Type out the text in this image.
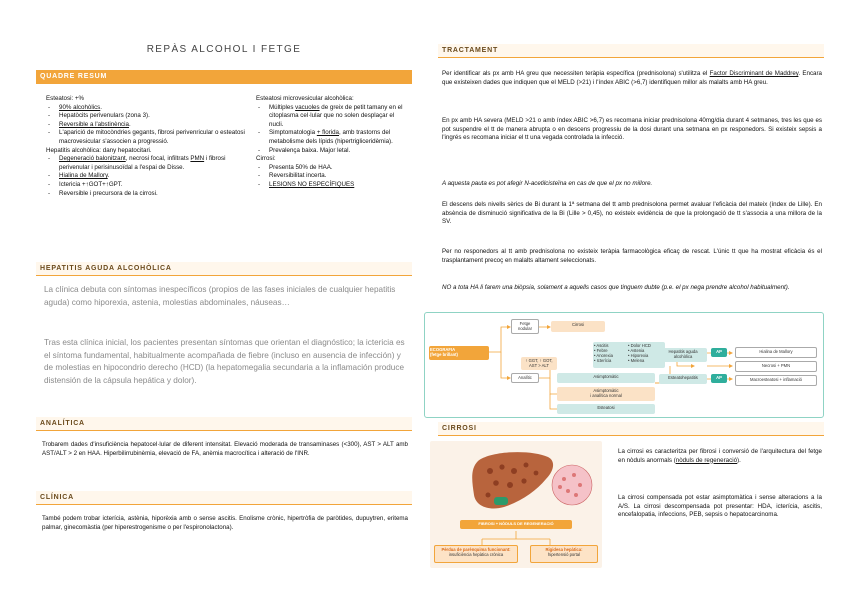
REPÀS ALCOHOL I FETGE
QUADRE RESUM
Esteatosi: +%
- 90% alcohòlics.
- Hepatòcits perivenulars (zona 3).
- Reversible a l'abstinència.
- L'aparició de mitocòndries gegants, fibrosi perivenricular o esteatosi macrovesicular s'associen a progressió.
Hepatitis alcohòlica: dany hepatocitari.
- Degeneració balonitzant, necrosi focal, infiltrats PMN i fibrosi perivenular i perisinusoïdal a l'espai de Disse.
- Hialina de Mallory.
- Ictericia +↑GOT+↑GPT.
- Reversible i precursora de la cirrosi.
Esteatosi microvesicular alcohòlica:
- Múltiples vacuoles de greix de petit tamany en el citoplasma cel·lular que no solen desplaçar el nucli.
- Simptomatologia + florida, amb trastorns del metabolisme dels lípids (hipertrigliceridèmia).
- Prevalença baixa. Major letal.
Cirrosi:
- Presenta 50% de HAA.
- Reversibilitat incerta.
- LESIONS NO ESPECÍFIQUES
HEPATITIS AGUDA ALCOHÒLICA
La clínica debuta con síntomas inespecíficos (propios de las fases iniciales de cualquier hepatitis aguda) como hiporexia, astenia, molestias abdominales, náuseas…
Tras esta clínica inicial, los pacientes presentan síntomas que orientan el diagnóstico; la ictericia es el síntoma fundamental, habitualmente acompañada de fiebre (incluso en ausencia de infección) y de molestias en hipocondrio derecho (HCD) (la hepatomegalia secundaria a la inflamación produce distensión de la cápsula hepática y dolor).
ANALÍTICA
Trobarem dades d'insuficiència hepatocel·lular de diferent intensitat. Elevació moderada de transaminases (<300), AST > ALT amb AST/ALT > 2 en HAA. Hiperbilirrubinèmia, elevació de FA, anèmia macrocítica i alteració de l'INR.
CLÍNICA
També podem trobar icterícia, astènia, hiporèxia amb o sense ascitis. Enolisme crònic, hipertròfia de paròtides, dupuytren, eritema palmar, ginecomàstia (per hiperestrogenisme o per l'espironolactona).
TRACTAMENT
Per identificar als px amb HA greu que necessiten teràpia específica (prednisolona) s'utilitza el Factor Discriminant de Maddrey. Encara que existeixen dades que indiquen que el MELD (>21) i l'índex ABIC (>6,7) identifiquen millor als malalts amb HA greu.
En px amb HA severa (MELD >21 o amb índex ABIC >6,7) es recomana iniciar prednisolona 40mg/dia durant 4 setmanes, tres les que es pot suspendre el tt de manera abrupta o en descens progressiu de la dosi durant una setmana en px responedors. Si existeix sepsis a l'ingrés es recomana iniciar el tt una vegada controlada la infecció.
A aquesta pauta es pot afegir N-acetilcisteïna en cas de que el px no millore.
El descens dels nivells sèrics de Bi durant la 1ª setmana del tt amb prednisolona permet avaluar l'eficàcia del mateix (índex de Lille). En absència de disminució significativa de la Bi (Lille > 0,45), no existeix evidència de que la prolongació de tt s'associa a una millora de la SV.
Per no responedors al tt amb prednisolona no existeix teràpia farmacològica eficaç de rescat. L'únic tt que ha mostrat eficàcia és el trasplantament precoç en malalts altament seleccionats.
NO a tota HA li farem una biòpsia, solament a aquells casos que tinguem dubte (p.e. el px nega prendre alcohol habitualment).
ECOGRAFIA
(fetge brillant)
Fetge
nodular
Cirrosi
Analític
↑ GGT, ↑ GOT,
AST > ALT
• Ascitis
• Febre
• Anorexia
• Icterícia• Dolor HCD
• Astenia
• Hiporexia
• Melena
Asimptomàtic
Asimptomàtic
i analítica normal
Esteatosi
Hepatitis aguda
alcohòlica
Esteatohepatitis
AP
AP
Hialina de Mallory
Necrosi + PMN
Macroesteatosi + inflamació
CIRROSI
FIBROSI + NÒDULS DE REGENERACIÓ
Pèrdua de parènquima funcionant:
insuficiència hepàtica crònica
Rigidesa hepàtica:
hipertensió portal
La cirrosi es caracteritza per fibrosi i conversió de l'arquitectura del fetge en nòduls anormals (nòduls de regeneració).
La cirrosi compensada pot estar asimptomàtica i sense alteracions a la A/S. La cirrosi descompensada pot presentar: HDA, icterícia, ascitis, encefalopatia, infeccions, PEB, sepsis o hepatocarcinoma.
